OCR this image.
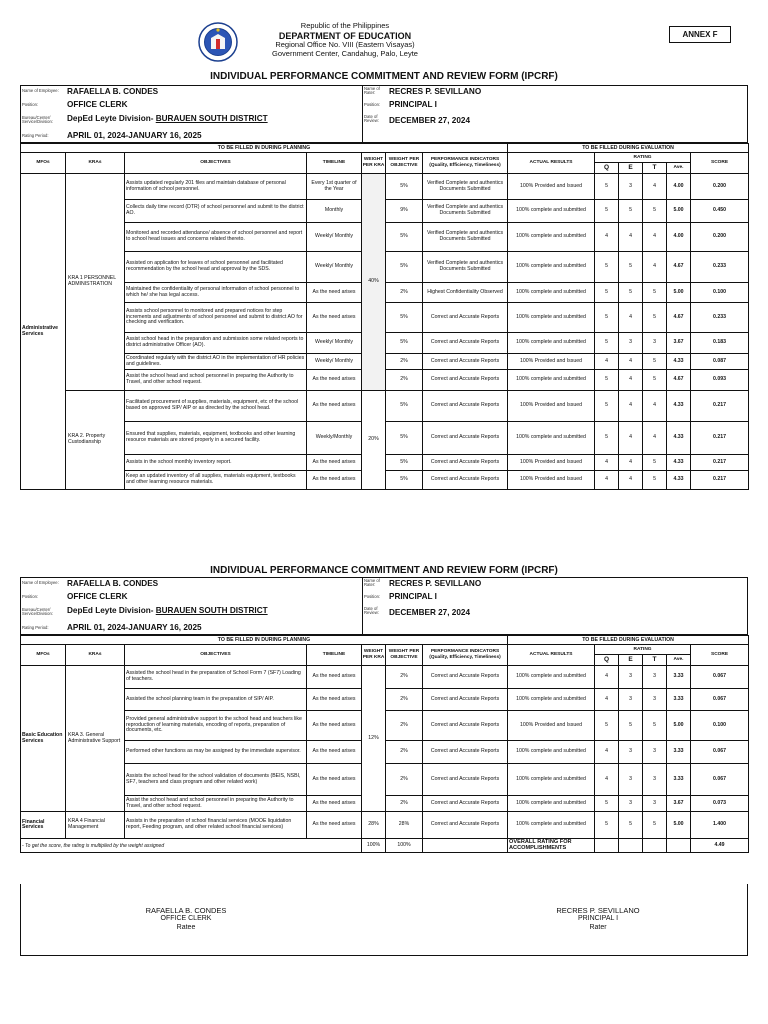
Republic of the Philippines
DEPARTMENT OF EDUCATION
Regional Office No. VIII (Eastern Visayas)
Government Center, Candahug, Palo, Leyte
ANNEX F
INDIVIDUAL PERFORMANCE COMMITMENT AND REVIEW FORM (IPCRF)
Name of Employee: RAFAELLA B. CONDES
Position:	OFFICE CLERK
Bureau/Center/ Service/Division:	DepEd Leyte Division- BURAUEN SOUTH DISTRICT
Rating Period: APRIL 01, 2024-JANUARY 16, 2025
Name of Rater:	RECRES P. SEVILLANO
Position: PRINCIPAL I
Date of Review:	DECEMBER 27, 2024
TO BE FILLED IN DURING PLANNING							TO BE FILLED DURING EVALUATION					
MFOs	KRAs	OBJECTIVES	TIMELINE	WEIGHT PER KRA	WEIGHT PER OBJECTIVE	PERFORMANCE INDICATORS (Quality, Efficiency, Timeliness)	ACTUAL RESULTS	RATING				SCORE
								Q	E	T	Ave.	
Administrative Services	KRA 1 PERSONNEL ADMINISTRATION	Assists updated regularly 201 files and maintain database of personal information of school personnel.	Every 1st quarter of the Year	40%	5%	Verified Complete and authentics Documents Submitted	100% Provided and Issued	5	3	4	4.00	0.200
		Collects daily time record (DTR) of school personnel and submit to the district AO.	Monthly		9%	Verified Complete and authentics Documents Submitted	100% complete and submitted	5	5	5	5.00	0.450
		Monitored and recorded attendance/ absence of school personnel and report to school head issues and concerns related thereto.	Weekly/ Monthly		5%	Verified Complete and authentics Documents Submitted	100% complete and submitted	4	4	4	4.00	0.200
		Assisted on application for leaves of school personnel and facilitated recommendation by the school head and approval by the SDS.	Weekly/ Monthly		5%	Verified Complete and authentics Documents Submitted	100% complete and submitted	5	5	4	4.67	0.233
		Maintained the confidentiality of personal information of school personnel to which he/ she has legal access.	As the need arises		2%	Highest Confidentiality Observed	100% complete and submitted	5	5	5	5.00	0.100
		Assists school personnel to monitored and prepared notices for step increments and adjustments of school personnel and submit to district AO for checking and verification.	As the need arises		5%	Correct and Accurate Reports	100% complete and submitted	5	4	5	4.67	0.233
		Assist school head in the preparation and submission some related reports to district administrative Officer (AO).	Weekly/ Monthly		5%	Correct and Accurate Reports	100% complete and submitted	5	3	3	3.67	0.183
		Coordinated regularly with the district AO in the implementation of HR policies and guidelines.	Weekly/ Monthly		2%	Correct and Accurate Reports	100% Provided and Issued	4	4	5	4.33	0.087
		Assist the school head and school personnel in preparing the Authority to Travel, and other school request.	As the need arises		2%	Correct and Accurate Reports	100% complete and submitted	5	4	5	4.67	0.093
	KRA 2. Property Custodianship	Facilitated procurement of supplies, materials, equipment, etc of the school based on approved SIP/ AIP or as directed by the school head.	As the need arises	20%	5%	Correct and Accurate Reports	100% Provided and Issued	5	4	4	4.33	0.217
		Ensured that supplies, materials, equipment, textbooks and other learning resource materials are stored properly in a secured facility.	Weekly/Monthly		5%	Correct and Accurate Reports	100% complete and submitted	5	4	4	4.33	0.217
		Assists in the school monthly inventory report.	As the need arises		5%	Correct and Accurate Reports	100% Provided and Issued	4	4	5	4.33	0.217
		Keep an updated inventory of all supplies, materials equipment, textbooks and other learning resource materials.	As the need arises		5%	Correct and Accurate Reports	100% Provided and Issued	4	4	5	4.33	0.217
INDIVIDUAL PERFORMANCE COMMITMENT AND REVIEW FORM (IPCRF)
Name of Employee: RAFAELLA B. CONDES
Position:	OFFICE CLERK
Bureau/Center/ Service/Division:	DepEd Leyte Division- BURAUEN SOUTH DISTRICT
Rating Period: APRIL 01, 2024-JANUARY 16, 2025
Name of Rater:	RECRES P. SEVILLANO
Position: PRINCIPAL I
Date of Review:	DECEMBER 27, 2024
TO BE FILLED IN DURING PLANNING							TO BE FILLED DURING EVALUATION					
MFOs	KRAs	OBJECTIVES	TIMELINE	WEIGHT PER KRA	WEIGHT PER OBJECTIVE	PERFORMANCE INDICATORS (Quality, Efficiency, Timeliness)	ACTUAL RESULTS	RATING				SCORE
								Q	E	T	Ave.	
Basic Education Services	KRA 3. General Administrative Support	Assisted the school head in the preparation of School Form 7 (SF7) Loading of teachers.	As the need arises	12%	2%	Correct and Accurate Reports	100% complete and submitted	4	3	3	3.33	0.067
		Assisted the school planning team in the preparation of SIP/ AIP.	As the need arises		2%	Correct and Accurate Reports	100% complete and submitted	4	3	3	3.33	0.067
		Provided general administrative support to the school head and teachers like reproduction of learning materials, encoding of reports, preparation of documents, etc.	As the need arises		2%	Correct and Accurate Reports	100% Provided and Issued	5	5	5	5.00	0.100
		Performed other functions as may be assigned by the immediate supervisor.	As the need arises		2%	Correct and Accurate Reports	100% complete and submitted	4	3	3	3.33	0.067
		Assists the school head for the school validation of documents (BEIS, NSBI, SF7, teachers and class program and other related work)	As the need arises		2%	Correct and Accurate Reports	100% complete and submitted	4	3	3	3.33	0.067
		Assist the school head and school personnel in preparing the Authority to Travel, and other school request.	As the need arises		2%	Correct and Accurate Reports	100% complete and submitted	5	3	3	3.67	0.073
Financial Services	KRA 4 Financial Management	Assists in the preparation of school financial services (MOOE liquidation report, Feeding program, and other related school financial services)	As the need arises	28%	28%	Correct and Accurate Reports	100% complete and submitted	5	5	5	5.00	1.400
- To get the score, the rating is multiplied by the weight assigned				100%	100%		OVERALL RATING FOR ACCOMPLISHMENTS					4.49
RAFAELLA B. CONDES
OFFICE CLERK
Ratee
RECRES P. SEVILLANO
PRINCIPAL I
Rater
